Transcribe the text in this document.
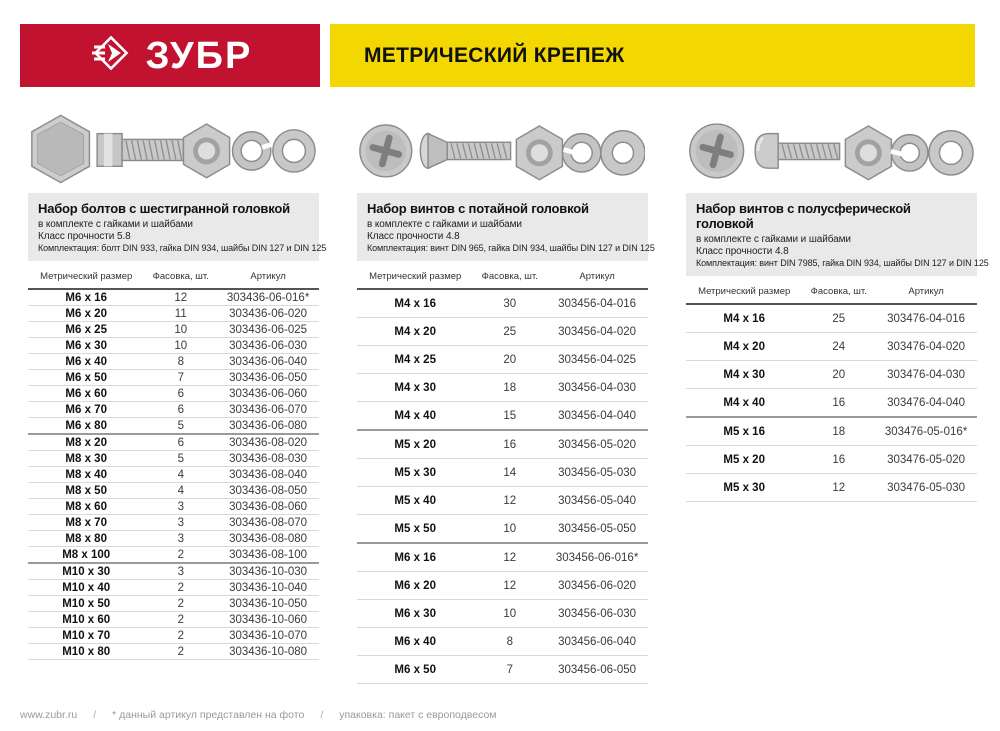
ЗУБР	МЕТРИЧЕСКИЙ КРЕПЕЖ
Набор болтов с шестигранной головкой

в комплекте с гайками и шайбами

Класс прочности 5.8

Комплектация: болт DIN 933, гайка DIN 934, шайбы DIN 127 и DIN 125

Метрический размер	Фасовка, шт.	Артикул
M6 x 16	12	303436-06-016*
M6 x 20	11	303436-06-020
M6 x 25	10	303436-06-025
M6 x 30	10	303436-06-030
M6 x 40	8	303436-06-040
M6 x 50	7	303436-06-050
M6 x 60	6	303436-06-060
M6 x 70	6	303436-06-070
M6 x 80	5	303436-06-080
M8 x 20	6	303436-08-020
M8 x 30	5	303436-08-030
M8 x 40	4	303436-08-040
M8 x 50	4	303436-08-050
M8 x 60	3	303436-08-060
M8 x 70	3	303436-08-070
M8 x 80	3	303436-08-080
M8 x 100	2	303436-08-100
M10 x 30	3	303436-10-030
M10 x 40	2	303436-10-040
M10 x 50	2	303436-10-050
M10 x 60	2	303436-10-060
M10 x 70	2	303436-10-070
M10 x 80	2	303436-10-080
Набор винтов с потайной головкой

в комплекте с гайками и шайбами

Класс прочности 4.8

Комплектация: винт DIN 965, гайка DIN 934, шайбы DIN 127 и DIN 125

Метрический размер	Фасовка, шт.	Артикул
M4 x 16	30	303456-04-016
M4 x 20	25	303456-04-020
M4 x 25	20	303456-04-025
M4 x 30	18	303456-04-030
M4 x 40	15	303456-04-040
M5 x 20	16	303456-05-020
M5 x 30	14	303456-05-030
M5 x 40	12	303456-05-040
M5 x 50	10	303456-05-050
M6 x 16	12	303456-06-016*
M6 x 20	12	303456-06-020
M6 x 30	10	303456-06-030
M6 x 40	8	303456-06-040
M6 x 50	7	303456-06-050
Набор винтов с полусферической головкой

в комплекте с гайками и шайбами

Класс прочности 4.8

Комплектация: винт DIN 7985, гайка DIN 934, шайбы DIN 127 и DIN 125

Метрический размер	Фасовка, шт.	Артикул
M4 x 16	25	303476-04-016
M4 x 20	24	303476-04-020
M4 x 30	20	303476-04-030
M4 x 40	16	303476-04-040
M5 x 16	18	303476-05-016*
M5 x 20	16	303476-05-020
M5 x 30	12	303476-05-030
www.zubr.ru / * данный артикул представлен на фото / упаковка: пакет с европодвесом
